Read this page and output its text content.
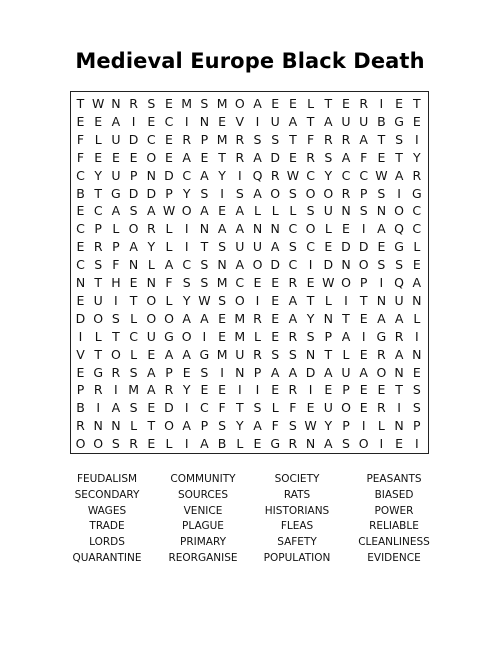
Medieval Europe Black Death
T W N R S E M S M O A E E L T E R I E T
E E A I E C I N E V I U A T A U U B G E
F L U D C E R P M R S S T F R R A T S I
F E E E O E A E T R A D E R S A F E T Y
C Y U P N D C A Y I Q R W C Y C C W A R
B T G D D P Y S I S A O S O O R P S I G
E C A S A W O A E A L L L S U N S N O C
C P L O R L I N A A N N C O L E I A Q C
E R P A Y L I T S U U A S C E D D E G L
C S F N L A C S N A O D C I D N O S S E
N T H E N F S S M C E E R E W O P I Q A
E U I T O L Y W S O I E A T L I T N U N
D O S L O O A A E M R E A Y N T E A A L
I L T C U G O I E M L E R S P A I G R I
V T O L E A A G M U R S S N T L E R A N
E G R S A P E S I N P A A D A U A O N E
P R I M A R Y E E I	I E R I E P E E T S
B I A S E D I C F T S L F E U O E R I S
R N N L T O A P S Y A F S W Y P I L N P
O O S R E L I A B L E G R N A S O I E I
FEUDALISM	COMMUNITY	SOCIETY	PEASANTS
SECONDARY	SOURCES	RATS	BIASED
WAGES	VENICE	HISTORIANS	POWER
TRADE	PLAGUE	FLEAS	RELIABLE
LORDS	PRIMARY	SAFETY	CLEANLINESS
QUARANTINE	REORGANISE	POPULATION	EVIDENCE
